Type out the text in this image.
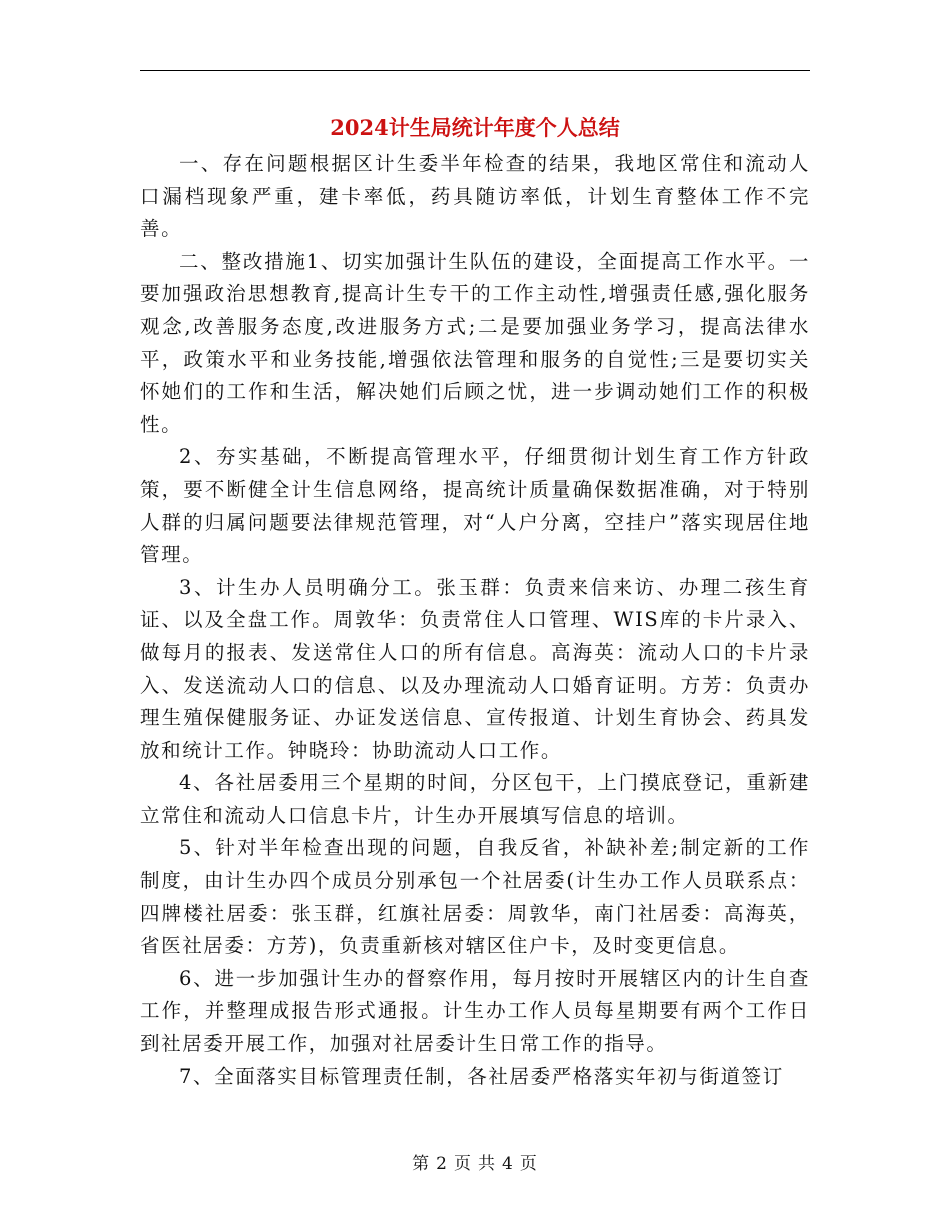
2024计生局统计年度个人总结

一、存在问题根据区计生委半年检查的结果，我地区常住和流动人口漏档现象严重，建卡率低，药具随访率低，计划生育整体工作不完善。

二、整改措施1、切实加强计生队伍的建设，全面提高工作水平。一要加强政治思想教育,提高计生专干的工作主动性,增强责任感,强化服务观念,改善服务态度,改进服务方式;二是要加强业务学习，提高法律水平，政策水平和业务技能,增强依法管理和服务的自觉性;三是要切实关怀她们的工作和生活，解决她们后顾之忧，进一步调动她们工作的积极性。

2、夯实基础，不断提高管理水平，仔细贯彻计划生育工作方针政策，要不断健全计生信息网络，提高统计质量确保数据准确，对于特别人群的归属问题要法律规范管理，对“人户分离，空挂户”落实现居住地管理。

3、计生办人员明确分工。张玉群：负责来信来访、办理二孩生育证、以及全盘工作。周敦华：负责常住人口管理、WIS库的卡片录入、做每月的报表、发送常住人口的所有信息。高海英：流动人口的卡片录入、发送流动人口的信息、以及办理流动人口婚育证明。方芳：负责办理生殖保健服务证、办证发送信息、宣传报道、计划生育协会、药具发放和统计工作。钟晓玲：协助流动人口工作。

4、各社居委用三个星期的时间，分区包干，上门摸底登记，重新建立常住和流动人口信息卡片，计生办开展填写信息的培训。

5、针对半年检查出现的问题，自我反省，补缺补差;制定新的工作制度，由计生办四个成员分别承包一个社居委(计生办工作人员联系点：四牌楼社居委：张玉群，红旗社居委：周敦华，南门社居委：高海英，省医社居委：方芳)，负责重新核对辖区住户卡，及时变更信息。

6、进一步加强计生办的督察作用，每月按时开展辖区内的计生自查工作，并整理成报告形式通报。计生办工作人员每星期要有两个工作日到社居委开展工作，加强对社居委计生日常工作的指导。

7、全面落实目标管理责任制，各社居委严格落实年初与街道签订

第 2 页 共 4 页
